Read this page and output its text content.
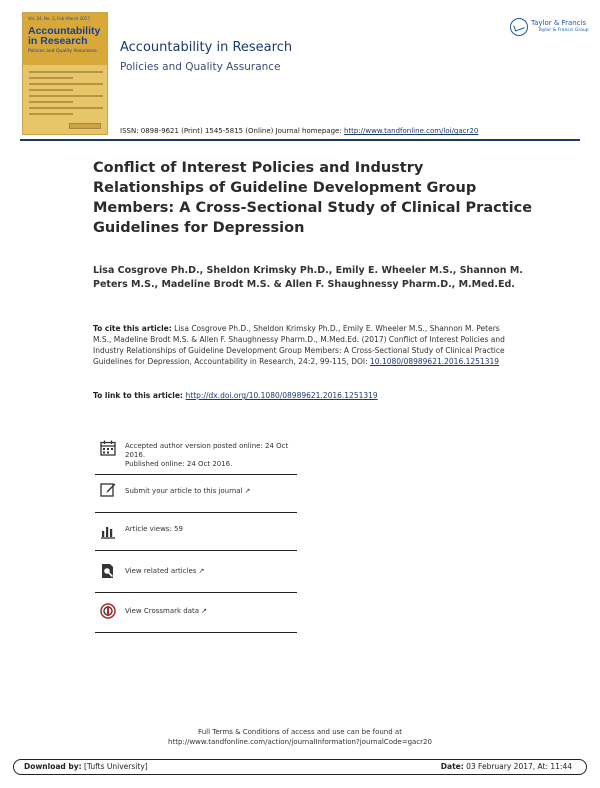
Vol. 24, No. 2, Feb–March 2017
Accountability
in Research
Policies and Quality Assurance Accountability in Research
Policies and Quality Assurance
Taylor & Francis
Taylor & Francis Group
ISSN: 0898-9621 (Print) 1545-5815 (Online) Journal homepage: http://www.tandfonline.com/loi/gacr20
Conflict of Interest Policies and Industry Relationships of Guideline Development Group Members: A Cross-Sectional Study of Clinical Practice Guidelines for Depression
Lisa Cosgrove Ph.D., Sheldon Krimsky Ph.D., Emily E. Wheeler M.S., Shannon M. Peters M.S., Madeline Brodt M.S. & Allen F. Shaughnessy Pharm.D., M.Med.Ed.
To cite this article: Lisa Cosgrove Ph.D., Sheldon Krimsky Ph.D., Emily E. Wheeler M.S., Shannon M. Peters M.S., Madeline Brodt M.S. & Allen F. Shaughnessy Pharm.D., M.Med.Ed. (2017) Conflict of Interest Policies and Industry Relationships of Guideline Development Group Members: A Cross-Sectional Study of Clinical Practice Guidelines for Depression, Accountability in Research, 24:2, 99-115, DOI: 10.1080/08989621.2016.1251319
To link to this article: http://dx.doi.org/10.1080/08989621.2016.1251319
Accepted author version posted online: 24 Oct 2016.
Published online: 24 Oct 2016.
Submit your article to this journal ↗
Article views: 59
View related articles ↗
View Crossmark data ↗
Full Terms & Conditions of access and use can be found at
http://www.tandfonline.com/action/journalInformation?journalCode=gacr20
Download by: [Tufts University]	Date: 03 February 2017, At: 11:44
